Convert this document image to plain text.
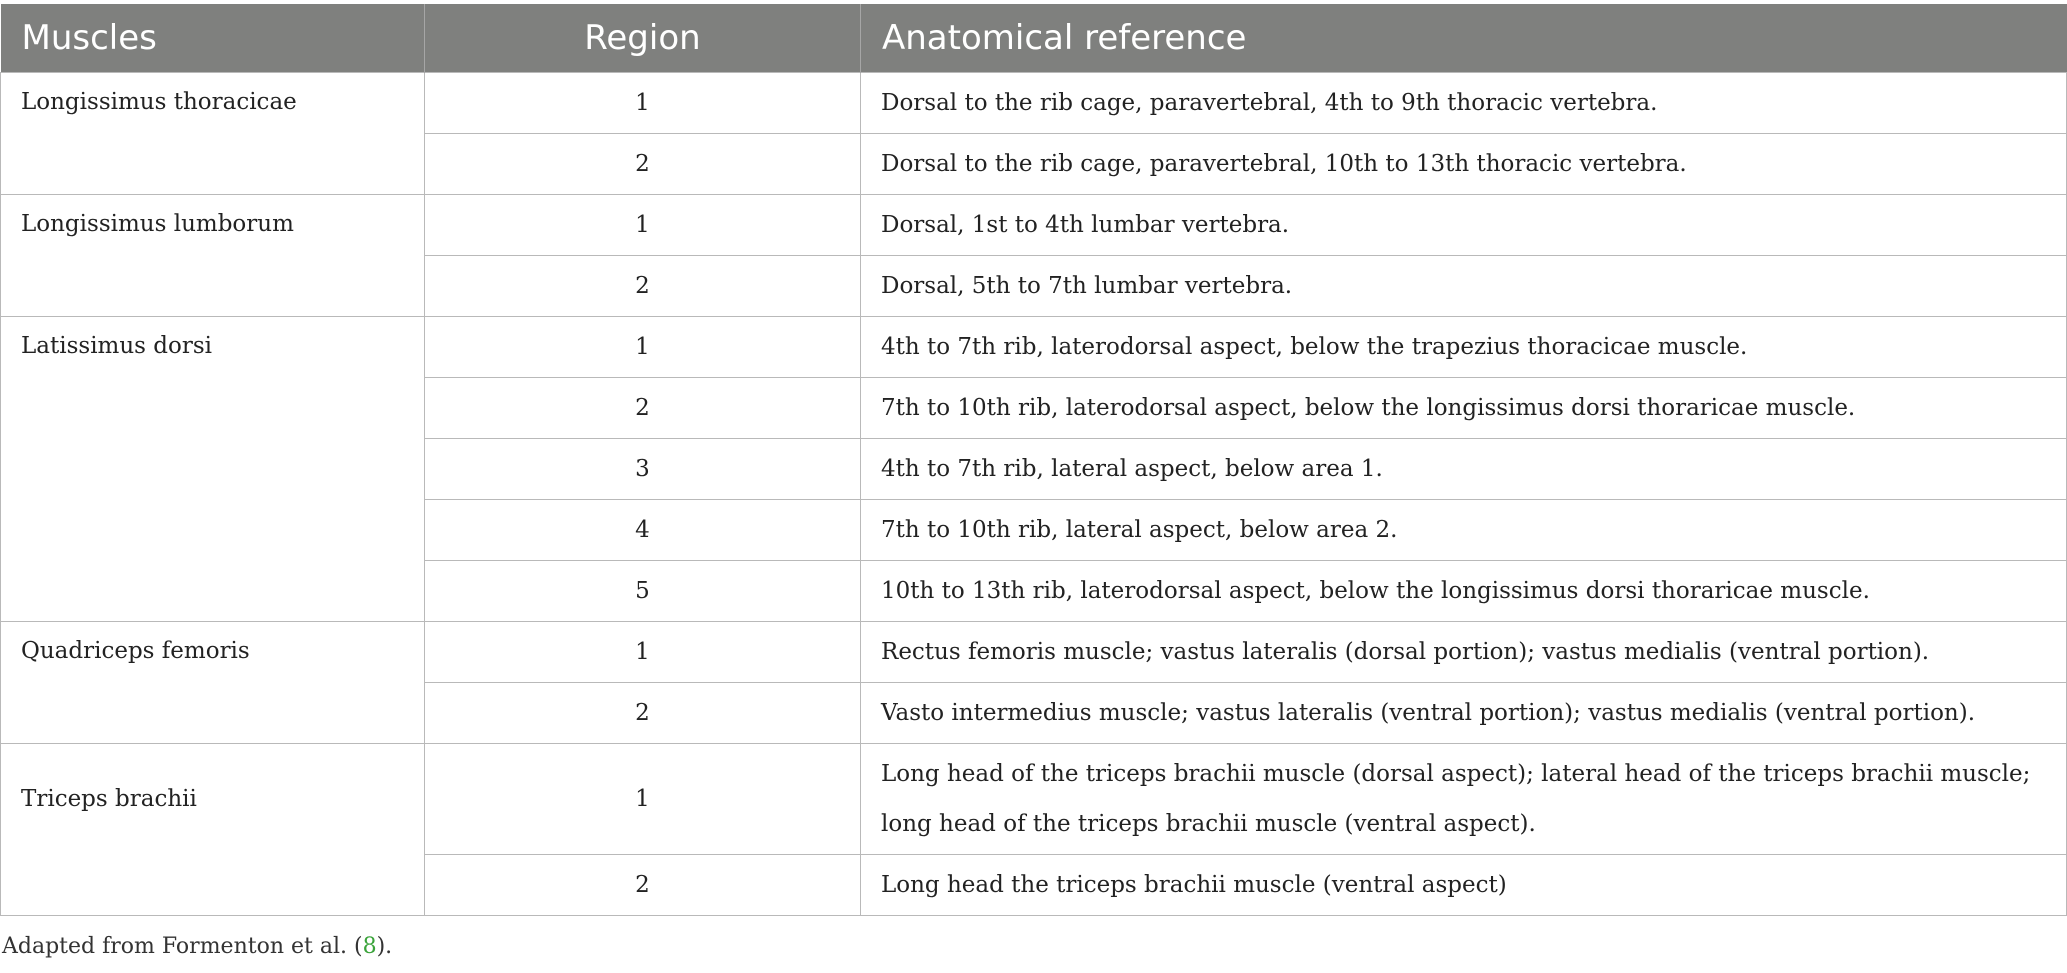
Muscles	Region	Anatomical reference
Longissimus thoracicae	1	Dorsal to the rib cage, paravertebral, 4th to 9th thoracic vertebra.
	2	Dorsal to the rib cage, paravertebral, 10th to 13th thoracic vertebra.
Longissimus lumborum	1	Dorsal, 1st to 4th lumbar vertebra.
	2	Dorsal, 5th to 7th lumbar vertebra.
Latissimus dorsi	1	4th to 7th rib, laterodorsal aspect, below the trapezius thoracicae muscle.
	2	7th to 10th rib, laterodorsal aspect, below the longissimus dorsi thoraricae muscle.
	3	4th to 7th rib, lateral aspect, below area 1.
	4	7th to 10th rib, lateral aspect, below area 2.
	5	10th to 13th rib, laterodorsal aspect, below the longissimus dorsi thoraricae muscle.
Quadriceps femoris	1	Rectus femoris muscle; vastus lateralis (dorsal portion); vastus medialis (ventral portion).
	2	Vasto intermedius muscle; vastus lateralis (ventral portion); vastus medialis (ventral portion).
Triceps brachii	1	Long head of the triceps brachii muscle (dorsal aspect); lateral head of the triceps brachii muscle; long head of the triceps brachii muscle (ventral aspect).
	2	Long head the triceps brachii muscle (ventral aspect)
Adapted from Formenton et al. (8).
